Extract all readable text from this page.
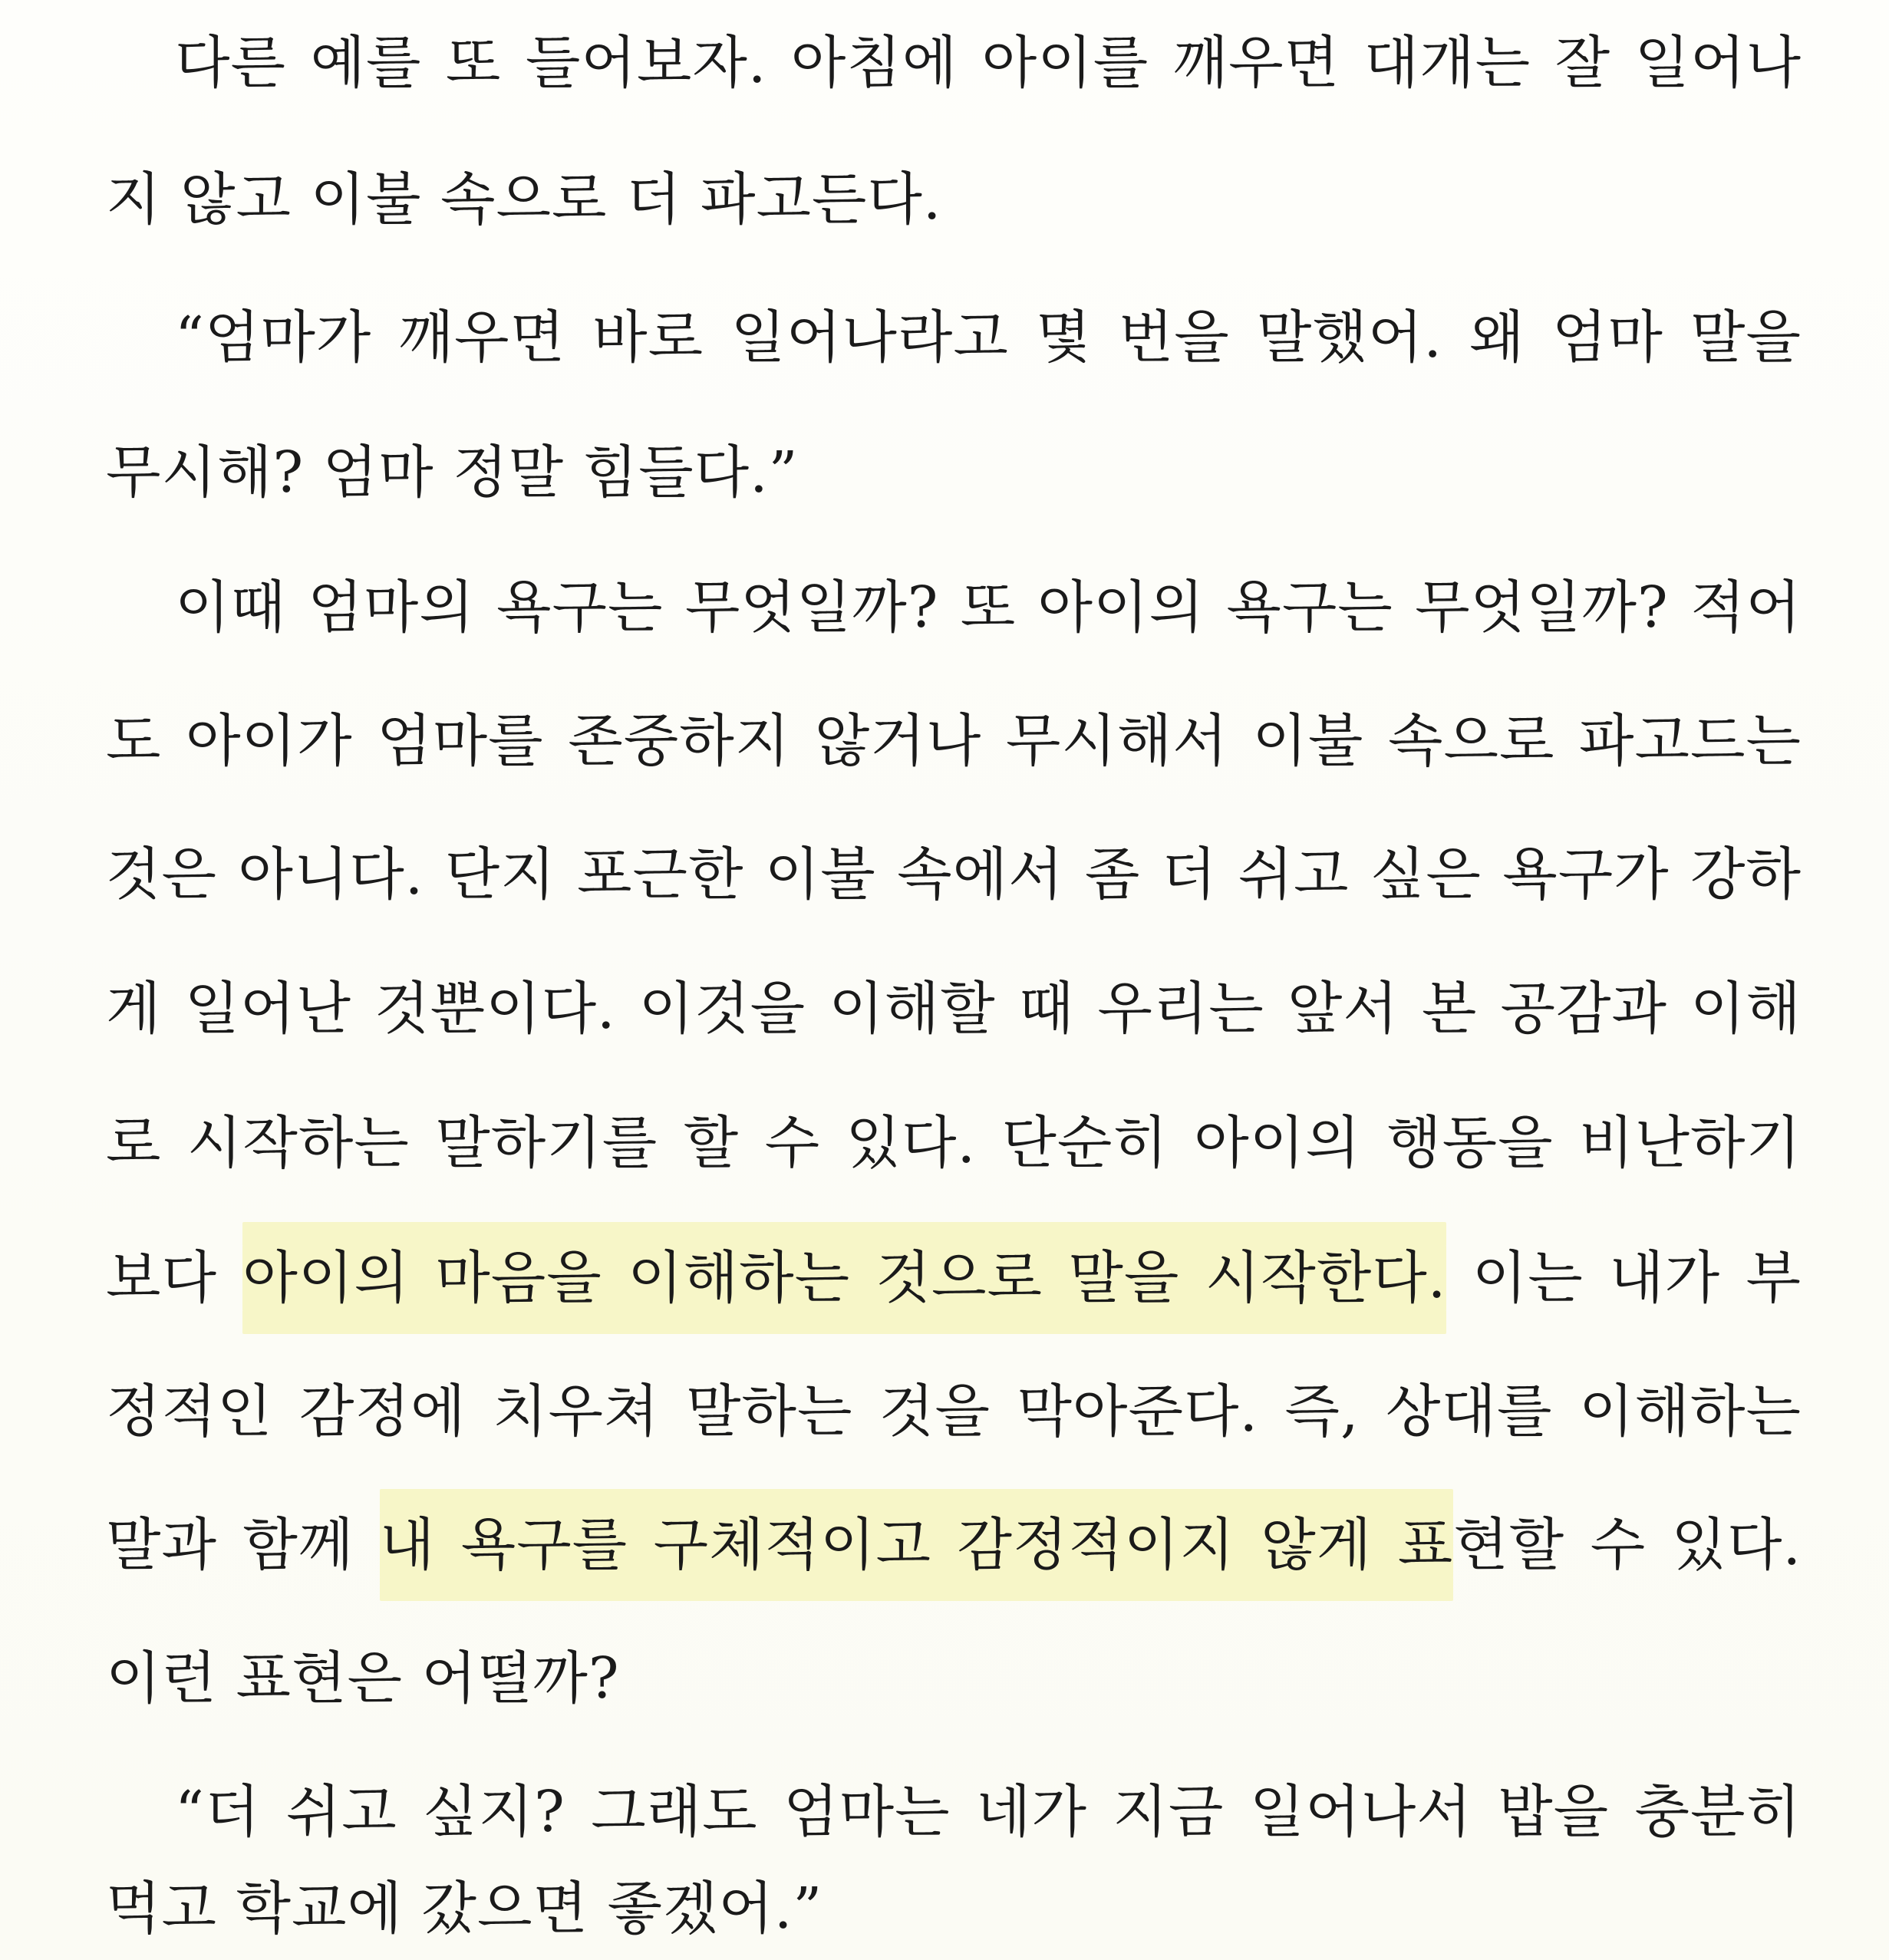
다른 예를 또 들어보자. 아침에 아이를 깨우면 대개는 잘 일어나
지 않고 이불 속으로 더 파고든다.
“엄마가 깨우면 바로 일어나라고 몇 번을 말했어. 왜 엄마 말을
무시해? 엄마 정말 힘들다.”
이때 엄마의 욕구는 무엇일까? 또 아이의 욕구는 무엇일까? 적어
도 아이가 엄마를 존중하지 않거나 무시해서 이불 속으로 파고드는
것은 아니다. 단지 포근한 이불 속에서 좀 더 쉬고 싶은 욕구가 강하
게 일어난 것뿐이다. 이것을 이해할 때 우리는 앞서 본 공감과 이해
로 시작하는 말하기를 할 수 있다. 단순히 아이의 행동을 비난하기
보다 아이의 마음을 이해하는 것으로 말을 시작한다. 이는 내가 부
정적인 감정에 치우쳐 말하는 것을 막아준다. 즉, 상대를 이해하는
말과 함께 내 욕구를 구체적이고 감정적이지 않게 표현할 수 있다.
이런 표현은 어떨까?
“더 쉬고 싶지? 그래도 엄마는 네가 지금 일어나서 밥을 충분히
먹고 학교에 갔으면 좋겠어.”
